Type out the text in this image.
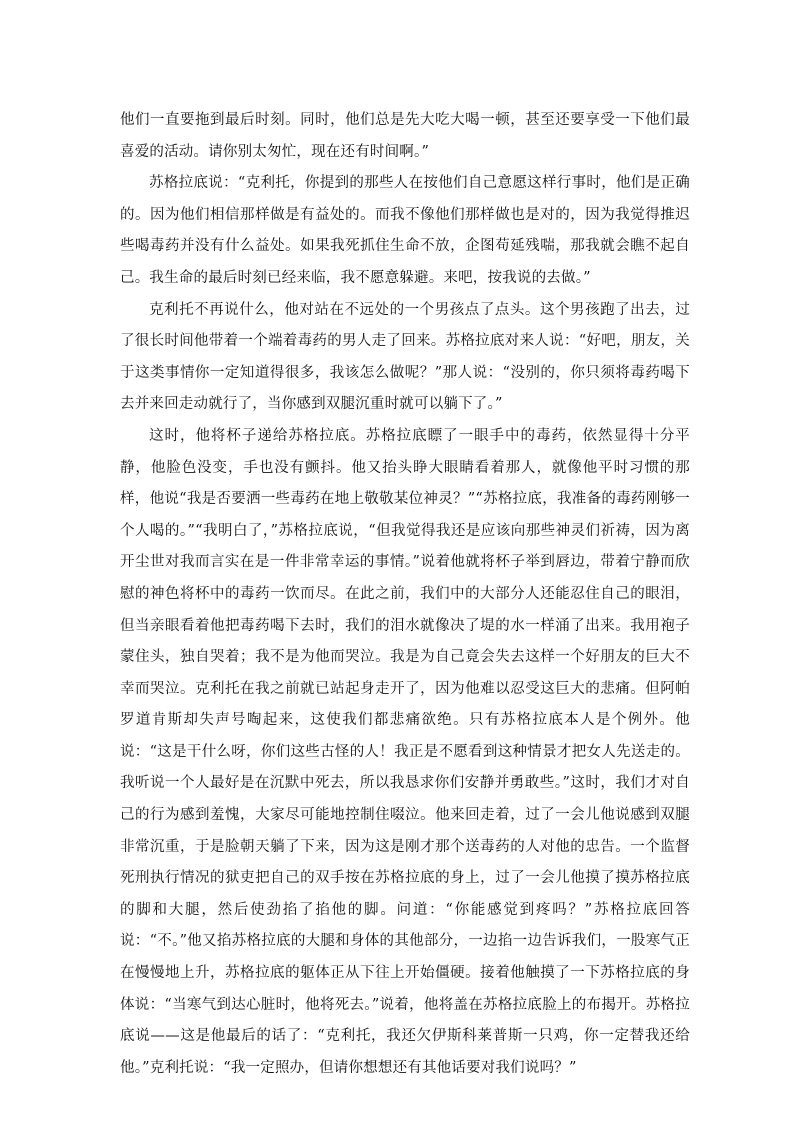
他们一直要拖到最后时刻。同时，他们总是先大吃大喝一顿，甚至还要享受一下他们最喜爱的活动。请你别太匆忙，现在还有时间啊。”

苏格拉底说：“克利托，你提到的那些人在按他们自己意愿这样行事时，他们是正确的。因为他们相信那样做是有益处的。而我不像他们那样做也是对的，因为我觉得推迟些喝毒药并没有什么益处。如果我死抓住生命不放，企图苟延残喘，那我就会瞧不起自己。我生命的最后时刻已经来临，我不愿意躲避。来吧，按我说的去做。”

克利托不再说什么，他对站在不远处的一个男孩点了点头。这个男孩跑了出去，过了很长时间他带着一个端着毒药的男人走了回来。苏格拉底对来人说：“好吧，朋友，关于这类事情你一定知道得很多，我该怎么做呢？”那人说：“没别的，你只须将毒药喝下去并来回走动就行了，当你感到双腿沉重时就可以躺下了。”

这时，他将杯子递给苏格拉底。苏格拉底瞟了一眼手中的毒药，依然显得十分平静，他脸色没变，手也没有颤抖。他又抬头睁大眼睛看着那人，就像他平时习惯的那样，他说“我是否要洒一些毒药在地上敬敬某位神灵？”“苏格拉底，我准备的毒药刚够一个人喝的。”“我明白了，”苏格拉底说，“但我觉得我还是应该向那些神灵们祈祷，因为离开尘世对我而言实在是一件非常幸运的事情。”说着他就将杯子举到唇边，带着宁静而欣慰的神色将杯中的毒药一饮而尽。在此之前，我们中的大部分人还能忍住自己的眼泪，但当亲眼看着他把毒药喝下去时，我们的泪水就像决了堤的水一样涌了出来。我用袍子蒙住头，独自哭着；我不是为他而哭泣。我是为自己竟会失去这样一个好朋友的巨大不幸而哭泣。克利托在我之前就已站起身走开了，因为他难以忍受这巨大的悲痛。但阿帕罗道肯斯却失声号啕起来，这使我们都悲痛欲绝。只有苏格拉底本人是个例外。他说：“这是干什么呀，你们这些古怪的人！我正是不愿看到这种情景才把女人先送走的。我听说一个人最好是在沉默中死去，所以我恳求你们安静并勇敢些。”这时，我们才对自己的行为感到羞愧，大家尽可能地控制住啜泣。他来回走着，过了一会儿他说感到双腿非常沉重，于是脸朝天躺了下来，因为这是刚才那个送毒药的人对他的忠告。一个监督死刑执行情况的狱吏把自己的双手按在苏格拉底的身上，过了一会儿他摸了摸苏格拉底的脚和大腿，然后使劲掐了掐他的脚。问道：“你能感觉到疼吗？”苏格拉底回答说：“不。”他又掐苏格拉底的大腿和身体的其他部分，一边掐一边告诉我们，一股寒气正在慢慢地上升，苏格拉底的躯体正从下往上开始僵硬。接着他触摸了一下苏格拉底的身体说：“当寒气到达心脏时，他将死去。”说着，他将盖在苏格拉底脸上的布揭开。苏格拉底说——这是他最后的话了：“克利托，我还欠伊斯科莱普斯一只鸡，你一定替我还给他。”克利托说：“我一定照办，但请你想想还有其他话要对我们说吗？”
